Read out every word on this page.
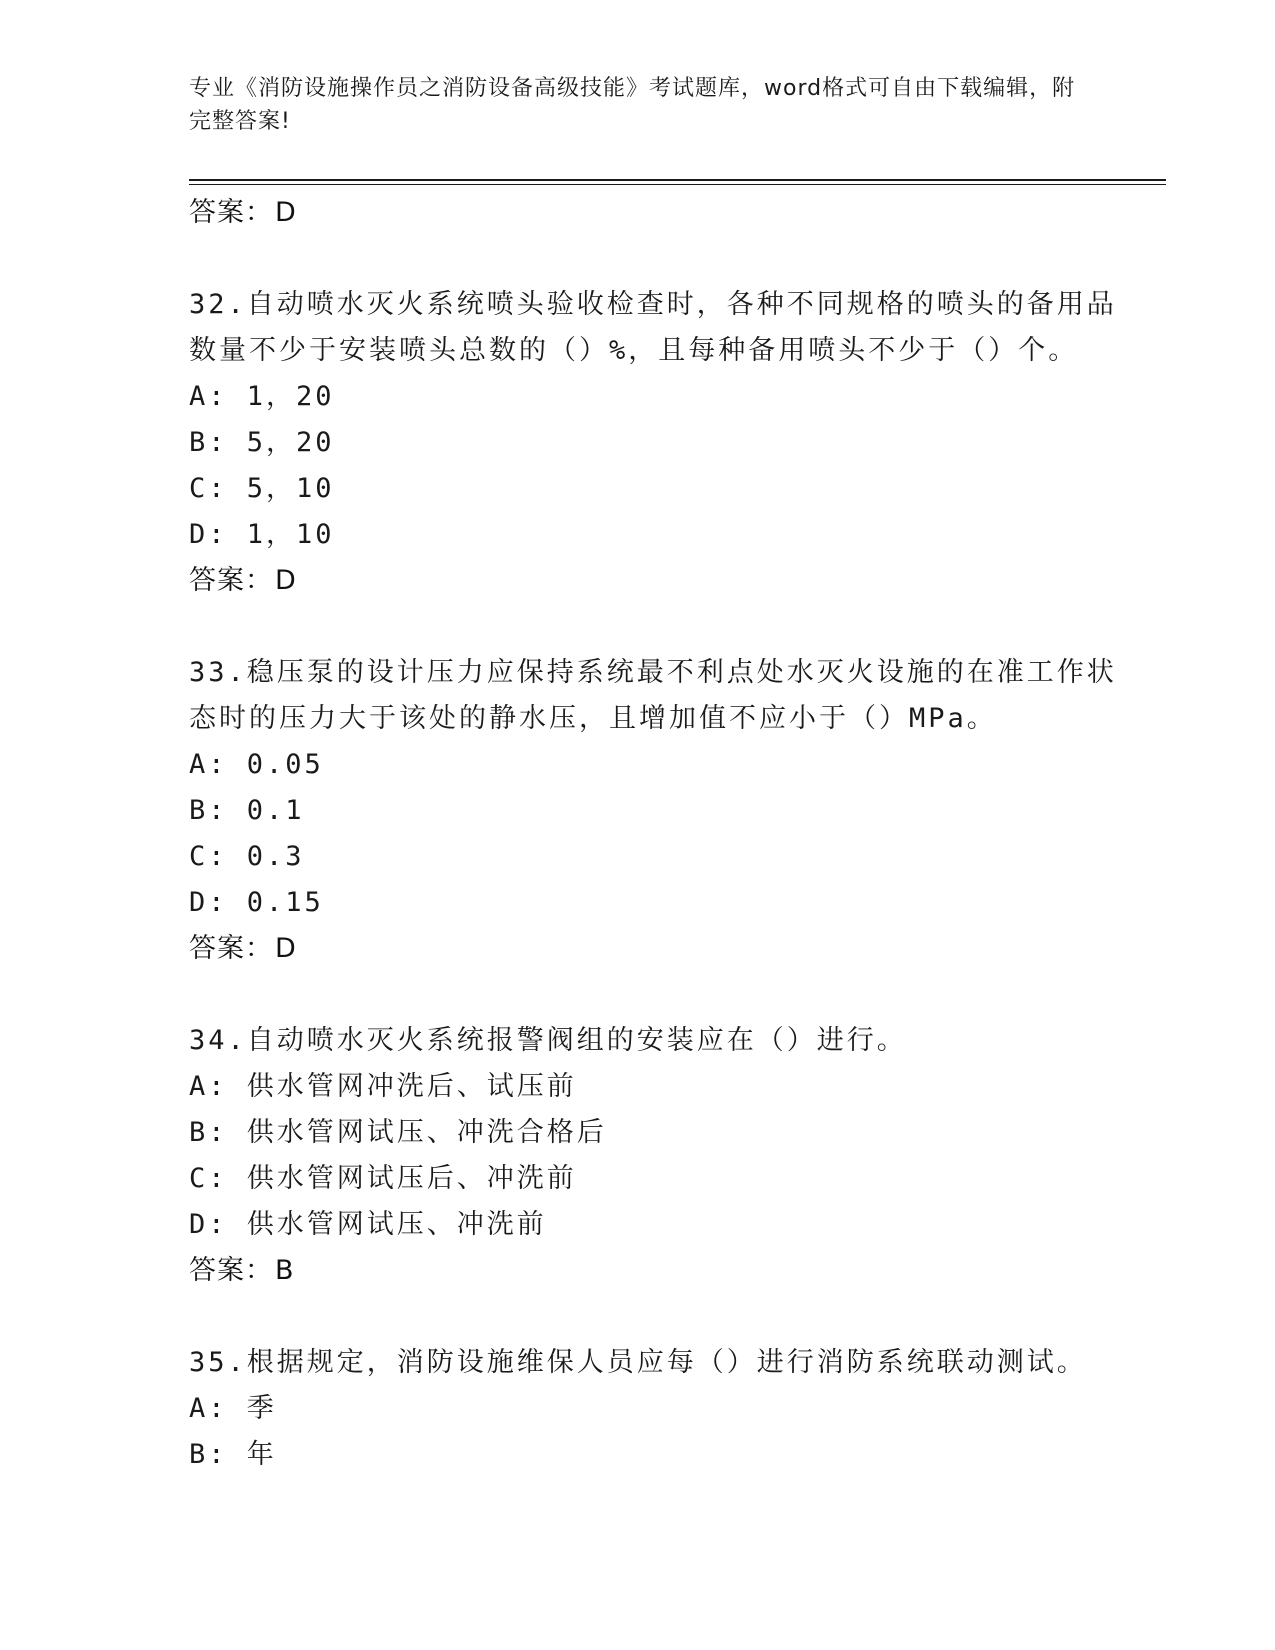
专业《消防设施操作员之消防设备高级技能》考试题库，word格式可自由下载编辑，附完整答案!
答案：D
32.自动喷水灭火系统喷头验收检查时，各种不同规格的喷头的备用品
数量不少于安装喷头总数的（）%，且每种备用喷头不少于（）个。
A: 1，20
B: 5，20
C: 5，10
D: 1，10
答案：D
33.稳压泵的设计压力应保持系统最不利点处水灭火设施的在准工作状
态时的压力大于该处的静水压，且增加值不应小于（）MPa。
A: 0.05
B: 0.1
C: 0.3
D: 0.15
答案：D
34.自动喷水灭火系统报警阀组的安装应在（）进行。
A: 供水管网冲洗后、试压前
B: 供水管网试压、冲洗合格后
C: 供水管网试压后、冲洗前
D: 供水管网试压、冲洗前
答案：B
35.根据规定，消防设施维保人员应每（）进行消防系统联动测试。
A: 季
B: 年
